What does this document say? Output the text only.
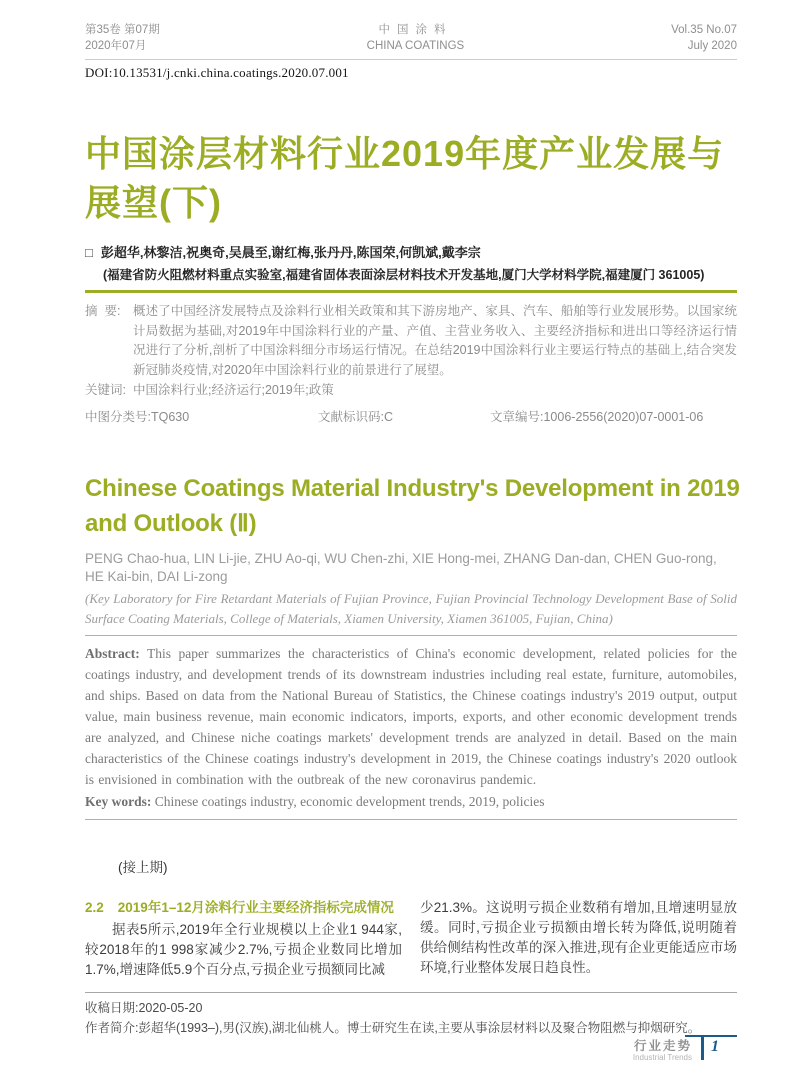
第35卷 第07期
2020年07月
中国涂料
CHINA COATINGS
Vol.35 No.07
July 2020
DOI:10.13531/j.cnki.china.coatings.2020.07.001
中国涂层材料行业2019年度产业发展与
展望(下)
□ 彭超华,林黎洁,祝奥奇,吴晨至,谢红梅,张丹丹,陈国荣,何凯斌,戴李宗
(福建省防火阻燃材料重点实验室,福建省固体表面涂层材料技术开发基地,厦门大学材料学院,福建厦门 361005)
摘  要:	概述了中国经济发展特点及涂料行业相关政策和其下游房地产、家具、汽车、船舶等行业发展形势。以国家统计局数据为基础,对2019年中国涂料行业的产量、产值、主营业务收入、主要经济指标和进出口等经济运行情况进行了分析,剖析了中国涂料细分市场运行情况。在总结2019中国涂料行业主要运行特点的基础上,结合突发新冠肺炎疫情,对2020年中国涂料行业的前景进行了展望。
关键词: 中国涂料行业;经济运行;2019年;政策
中图分类号:TQ630	文献标识码:C	文章编号:1006-2556(2020)07-0001-06
Chinese Coatings Material Industry's Development in 2019
and Outlook (Ⅱ)
PENG Chao-hua, LIN Li-jie, ZHU Ao-qi, WU Chen-zhi, XIE Hong-mei, ZHANG Dan-dan, CHEN Guo-rong,
HE Kai-bin, DAI Li-zong
(Key Laboratory for Fire Retardant Materials of Fujian Province, Fujian Provincial Technology Development Base of Solid Surface Coating Materials, College of Materials, Xiamen University, Xiamen 361005, Fujian, China)
Abstract: This paper summarizes the characteristics of China's economic development, related policies for the coatings industry, and development trends of its downstream industries including real estate, furniture, automobiles, and ships. Based on data from the National Bureau of Statistics, the Chinese coatings industry's 2019 output, output value, main business revenue, main economic indicators, imports, exports, and other economic development trends are analyzed, and Chinese niche coatings markets' development trends are analyzed in detail. Based on the main characteristics of the Chinese coatings industry's development in 2019, the Chinese coatings industry's 2020 outlook is envisioned in combination with the outbreak of the new coronavirus pandemic.
Key words: Chinese coatings industry, economic development trends, 2019, policies
(接上期)
2.2 2019年1–12月涂料行业主要经济指标完成情况

据表5所示,2019年全行业规模以上企业1 944家,较2018年的1 998家减少2.7%,亏损企业数同比增加1.7%,增速降低5.9个百分点,亏损企业亏损额同比减

少21.3%。这说明亏损企业数稍有增加,且增速明显放缓。同时,亏损企业亏损额由增长转为降低,说明随着供给侧结构性改革的深入推进,现有企业更能适应市场环境,行业整体发展日趋良性。

收稿日期:2020-05-20
作者简介:彭超华(1993–),男(汉族),湖北仙桃人。博士研究生在读,主要从事涂层材料以及聚合物阻燃与抑烟研究。
行业走势
Industrial Trends
1
